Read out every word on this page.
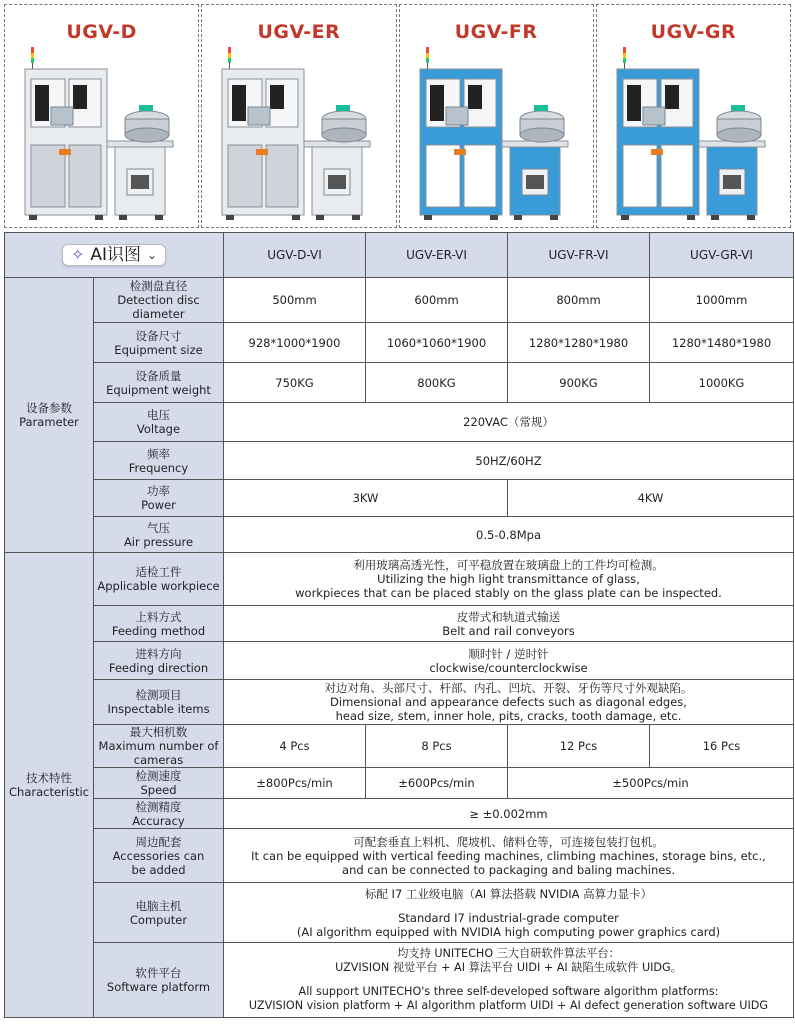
UGV-D	UGV-ER	UGV-FR	UGV-GR
✧ AI识图 ⌄		UGV-D-VI	UGV-ER-VI	UGV-FR-VI	UGV-GR-VI

设备参数
Parameter	检测盘直径
Detection disc diameter	500mm	600mm	800mm	1000mm

	设备尺寸
Equipment size	928*1000*1900	1060*1060*1900	1280*1280*1980	1280*1480*1980

	设备质量
Equipment weight	750KG	800KG	900KG	1000KG

	电压
Voltage	220VAC（常规）			

	频率
Frequency	50HZ/60HZ			

	功率
Power	3KW		4KW	

	气压
Air pressure	0.5-0.8Mpa			

技术特性
Characteristic	适检工件
Applicable workpiece	利用玻璃高透光性，可平稳放置在玻璃盘上的工件均可检测。
Utilizing the high light transmittance of glass,
workpieces that can be placed stably on the glass plate can be inspected.			

	上料方式
Feeding method	皮带式和轨道式输送
Belt and rail conveyors			

	进料方向
Feeding direction	顺时针 / 逆时针
clockwise/counterclockwise			

	检测项目
Inspectable items	对边对角、头部尺寸、杆部、内孔、凹坑、开裂、牙伤等尺寸外观缺陷。
Dimensional and appearance defects such as diagonal edges,
head size, stem, inner hole, pits, cracks, tooth damage, etc.			

	最大相机数
Maximum number of cameras	4 Pcs	8 Pcs	12 Pcs	16 Pcs

	检测速度
Speed	±800Pcs/min	±600Pcs/min	±500Pcs/min	

	检测精度
Accuracy	≥ ±0.002mm			

	周边配套
Accessories can
be added	可配套垂直上料机、爬坡机、储料仓等，可连接包装打包机。
It can be equipped with vertical feeding machines, climbing machines, storage bins, etc.,
and can be connected to packaging and baling machines.			

	电脑主机
Computer	标配 I7 工业级电脑（AI 算法搭载 NVIDIA 高算力显卡）
Standard I7 industrial-grade computer
(AI algorithm equipped with NVIDIA high computing power graphics card)			

	软件平台
Software platform	均支持 UNITECHO 三大自研软件算法平台：
UZVISION 视觉平台 + AI 算法平台 UIDI + AI 缺陷生成软件 UIDG。
All support UNITECHO's three self-developed software algorithm platforms:
UZVISION vision platform + AI algorithm platform UIDI + AI defect generation software UIDG			
